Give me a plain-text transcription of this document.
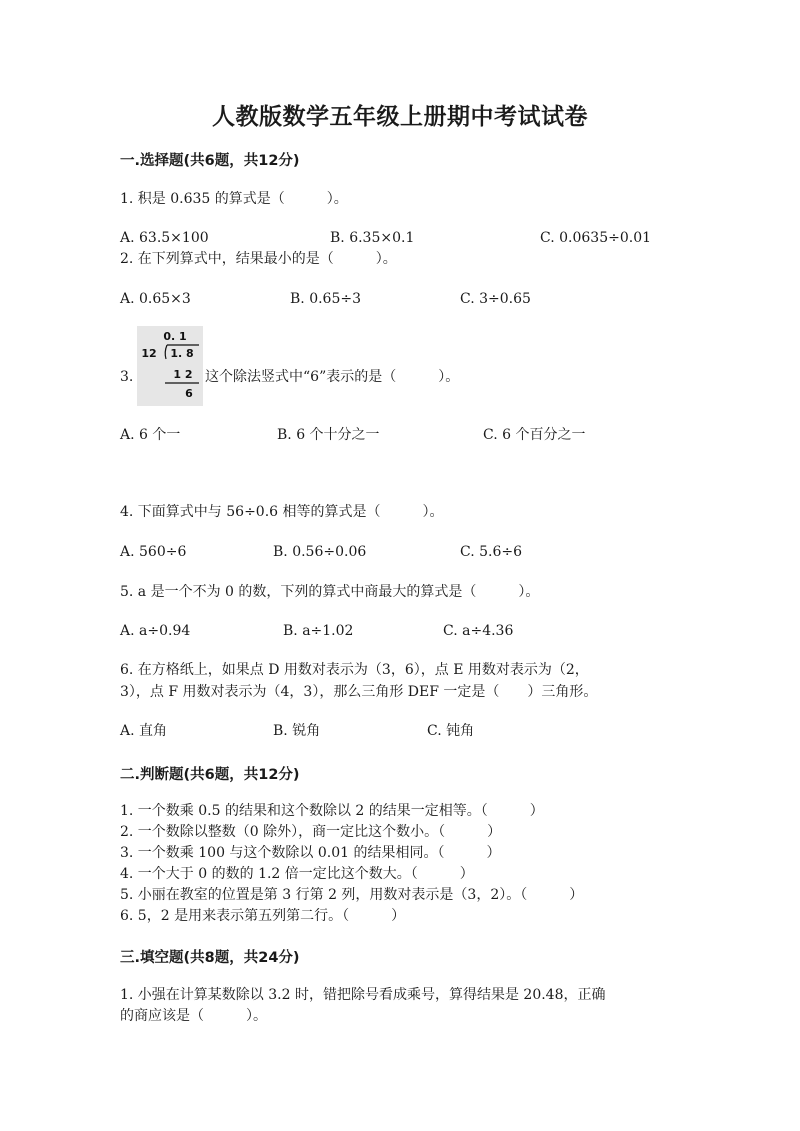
人教版数学五年级上册期中考试试卷
一.选择题(共6题，共12分)
1. 积是 0.635 的算式是（　　　）。
A. 63.5×100	B. 6.35×0.1	C. 0.0635÷0.01
2. 在下列算式中，结果最小的是（　　　）。
A. 0.65×3	B. 0.65÷3	C. 3÷0.65
3.
0. 1
12 1. 8
1 2
6
这个除法竖式中“6”表示的是（　　　）。
A. 6 个一	B. 6 个十分之一	C. 6 个百分之一
4. 下面算式中与 56÷0.6 相等的算式是（　　　）。
A. 560÷6	B. 0.56÷0.06	C. 5.6÷6
5. a 是一个不为 0 的数，下列的算式中商最大的算式是（　　　）。
A. a÷0.94	B. a÷1.02	C. a÷4.36
6. 在方格纸上，如果点 D 用数对表示为（3，6），点 E 用数对表示为（2，
3），点 F 用数对表示为（4，3），那么三角形 DEF 一定是（　　）三角形。
A. 直角	B. 锐角	C. 钝角
二.判断题(共6题，共12分)
1. 一个数乘 0.5 的结果和这个数除以 2 的结果一定相等。（　　　）
2. 一个数除以整数（0 除外），商一定比这个数小。（　　　）
3. 一个数乘 100 与这个数除以 0.01 的结果相同。（　　　）
4. 一个大于 0 的数的 1.2 倍一定比这个数大。（　　　）
5. 小丽在教室的位置是第 3 行第 2 列，用数对表示是（3，2）。（　　　）
6. 5，2 是用来表示第五列第二行。（　　　）
三.填空题(共8题，共24分)
1. 小强在计算某数除以 3.2 时，错把除号看成乘号，算得结果是 20.48，正确
的商应该是（　　　）。
